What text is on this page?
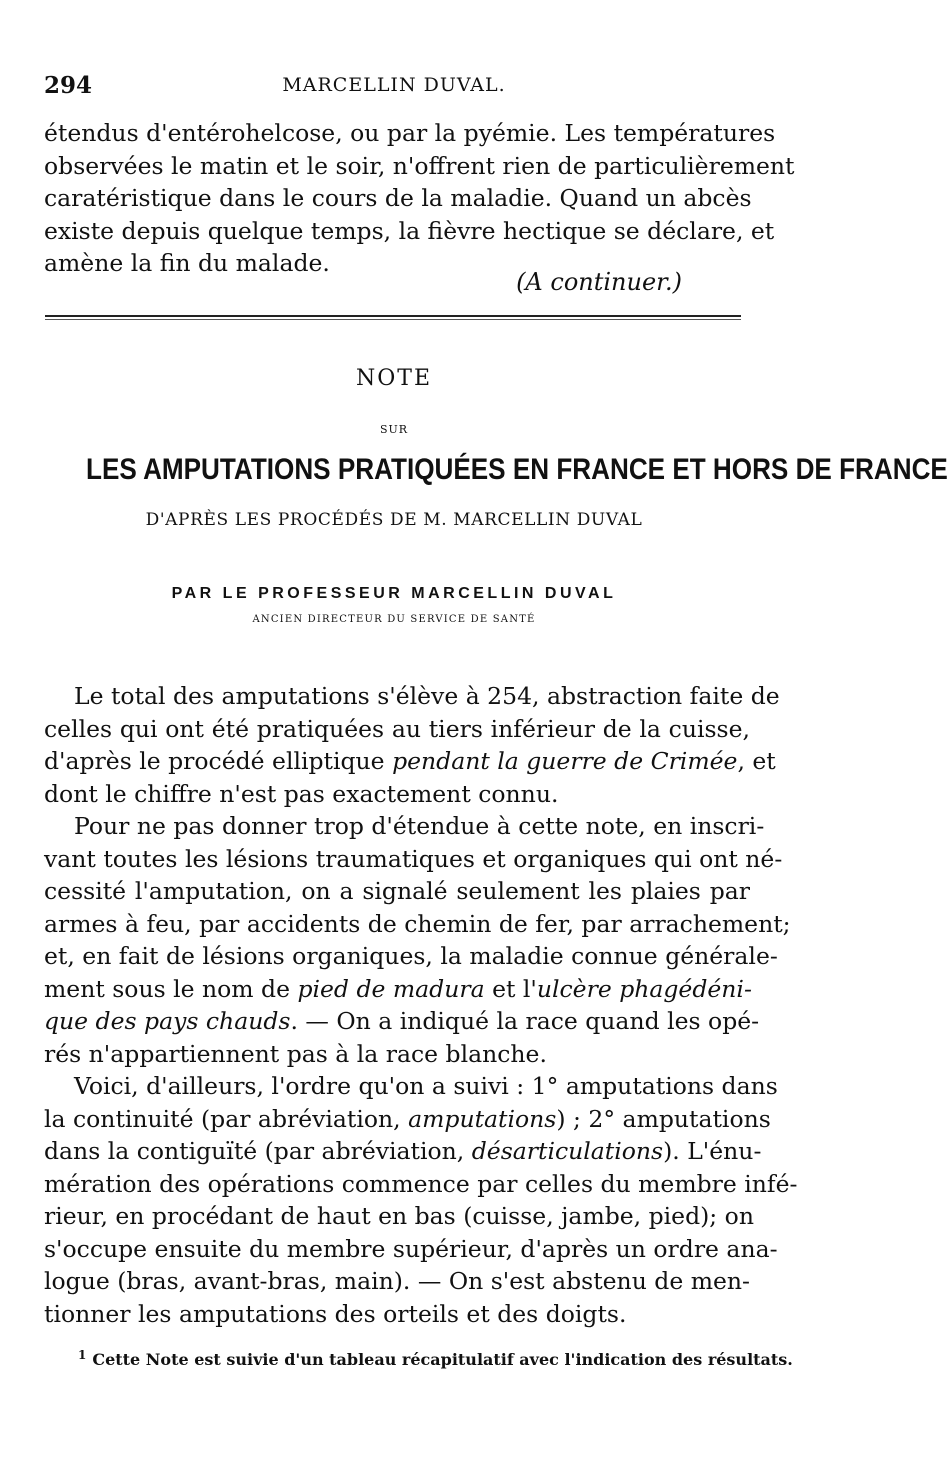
294	MARCELLIN DUVAL.
étendus d'entérohelcose, ou par la pyémie. Les températures
observées le matin et le soir, n'offrent rien de particulièrement
caratéristique dans le cours de la maladie. Quand un abcès
existe depuis quelque temps, la fièvre hectique se déclare, et
amène la fin du malade.
(A continuer.)

NOTE

SUR

LES AMPUTATIONS PRATIQUÉES EN FRANCE ET HORS DE FRANCE

D'APRÈS LES PROCÉDÉS DE M. MARCELLIN DUVAL

PAR LE PROFESSEUR MARCELLIN DUVAL

ANCIEN DIRECTEUR DU SERVICE DE SANTÉ

Le total des amputations s'élève à 254, abstraction faite de
celles qui ont été pratiquées au tiers inférieur de la cuisse,
d'après le procédé elliptique pendant la guerre de Crimée, et
dont le chiffre n'est pas exactement connu.
Pour ne pas donner trop d'étendue à cette note, en inscri-
vant toutes les lésions traumatiques et organiques qui ont né-
cessité l'amputation, on a signalé seulement les plaies par
armes à feu, par accidents de chemin de fer, par arrachement;
et, en fait de lésions organiques, la maladie connue générale-
ment sous le nom de pied de madura et l'ulcère phagédéni-
que des pays chauds. — On a indiqué la race quand les opé-
rés n'appartiennent pas à la race blanche.
Voici, d'ailleurs, l'ordre qu'on a suivi : 1° amputations dans
la continuité (par abréviation, amputations) ; 2° amputations
dans la contiguïté (par abréviation, désarticulations). L'énu-
mération des opérations commence par celles du membre infé-
rieur, en procédant de haut en bas (cuisse, jambe, pied); on
s'occupe ensuite du membre supérieur, d'après un ordre ana-
logue (bras, avant-bras, main). — On s'est abstenu de men-
tionner les amputations des orteils et des doigts.

$^1$ Cette Note est suivie d'un tableau récapitulatif avec l'indication des résultats.
